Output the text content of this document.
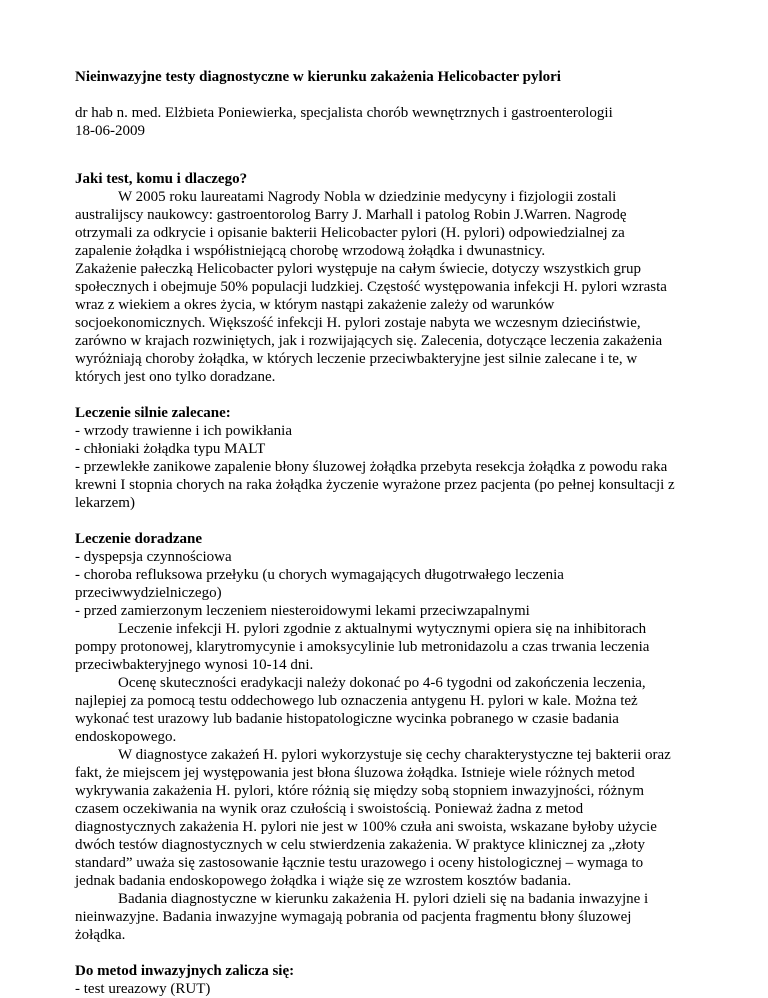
Nieinwazyjne testy diagnostyczne w kierunku zakażenia Helicobacter pylori
dr hab n. med. Elżbieta Poniewierka, specjalista chorób wewnętrznych i gastroenterologii
18-06-2009
Jaki test, komu i dlaczego?
W 2005 roku laureatami Nagrody Nobla w dziedzinie medycyny i fizjologii zostali
australijscy naukowcy: gastroentorolog Barry J. Marhall i patolog Robin J.Warren. Nagrodę
otrzymali za odkrycie i opisanie bakterii Helicobacter pylori (H. pylori) odpowiedzialnej za
zapalenie żołądka i współistniejącą chorobę wrzodową żołądka i dwunastnicy.
Zakażenie pałeczką Helicobacter pylori występuje na całym świecie, dotyczy wszystkich grup
społecznych i obejmuje 50% populacji ludzkiej. Częstość występowania infekcji H. pylori wzrasta
wraz z wiekiem a okres życia, w którym nastąpi zakażenie zależy od warunków
socjoekonomicznych. Większość infekcji H. pylori zostaje nabyta we wczesnym dzieciństwie,
zarówno w krajach rozwiniętych, jak i rozwijających się. Zalecenia, dotyczące leczenia zakażenia
wyróżniają choroby żołądka, w których leczenie przeciwbakteryjne jest silnie zalecane i te, w
których jest ono tylko doradzane.
Leczenie silnie zalecane:
- wrzody trawienne i ich powikłania
- chłoniaki żołądka typu MALT
- przewlekłe zanikowe zapalenie błony śluzowej żołądka przebyta resekcja żołądka z powodu raka
krewni I stopnia chorych na raka żołądka życzenie wyrażone przez pacjenta (po pełnej konsultacji z
lekarzem)
Leczenie doradzane
- dyspepsja czynnościowa
- choroba refluksowa przełyku (u chorych wymagających długotrwałego leczenia
przeciwwydzielniczego)
- przed zamierzonym leczeniem niesteroidowymi lekami przeciwzapalnymi
Leczenie infekcji H. pylori zgodnie z aktualnymi wytycznymi opiera się na inhibitorach
pompy protonowej, klarytromycynie i amoksycylinie lub metronidazolu a czas trwania leczenia
przeciwbakteryjnego wynosi 10-14 dni.
Ocenę skuteczności eradykacji należy dokonać po 4-6 tygodni od zakończenia leczenia,
najlepiej za pomocą testu oddechowego lub oznaczenia antygenu H. pylori w kale. Można też
wykonać test urazowy lub badanie histopatologiczne wycinka pobranego w czasie badania
endoskopowego.
W diagnostyce zakażeń H. pylori wykorzystuje się cechy charakterystyczne tej bakterii oraz
fakt, że miejscem jej występowania jest błona śluzowa żołądka. Istnieje wiele różnych metod
wykrywania zakażenia H. pylori, które różnią się między sobą stopniem inwazyjności, różnym
czasem oczekiwania na wynik oraz czułością i swoistością. Ponieważ żadna z metod
diagnostycznych zakażenia H. pylori nie jest w 100% czuła ani swoista, wskazane byłoby użycie
dwóch testów diagnostycznych w celu stwierdzenia zakażenia. W praktyce klinicznej za „złoty
standard” uważa się zastosowanie łącznie testu urazowego i oceny histologicznej – wymaga to
jednak badania endoskopowego żołądka i wiąże się ze wzrostem kosztów badania.
Badania diagnostyczne w kierunku zakażenia H. pylori dzieli się na badania inwazyjne i
nieinwazyjne. Badania inwazyjne wymagają pobrania od pacjenta fragmentu błony śluzowej
żołądka.
Do metod inwazyjnych zalicza się:
- test ureazowy (RUT)
